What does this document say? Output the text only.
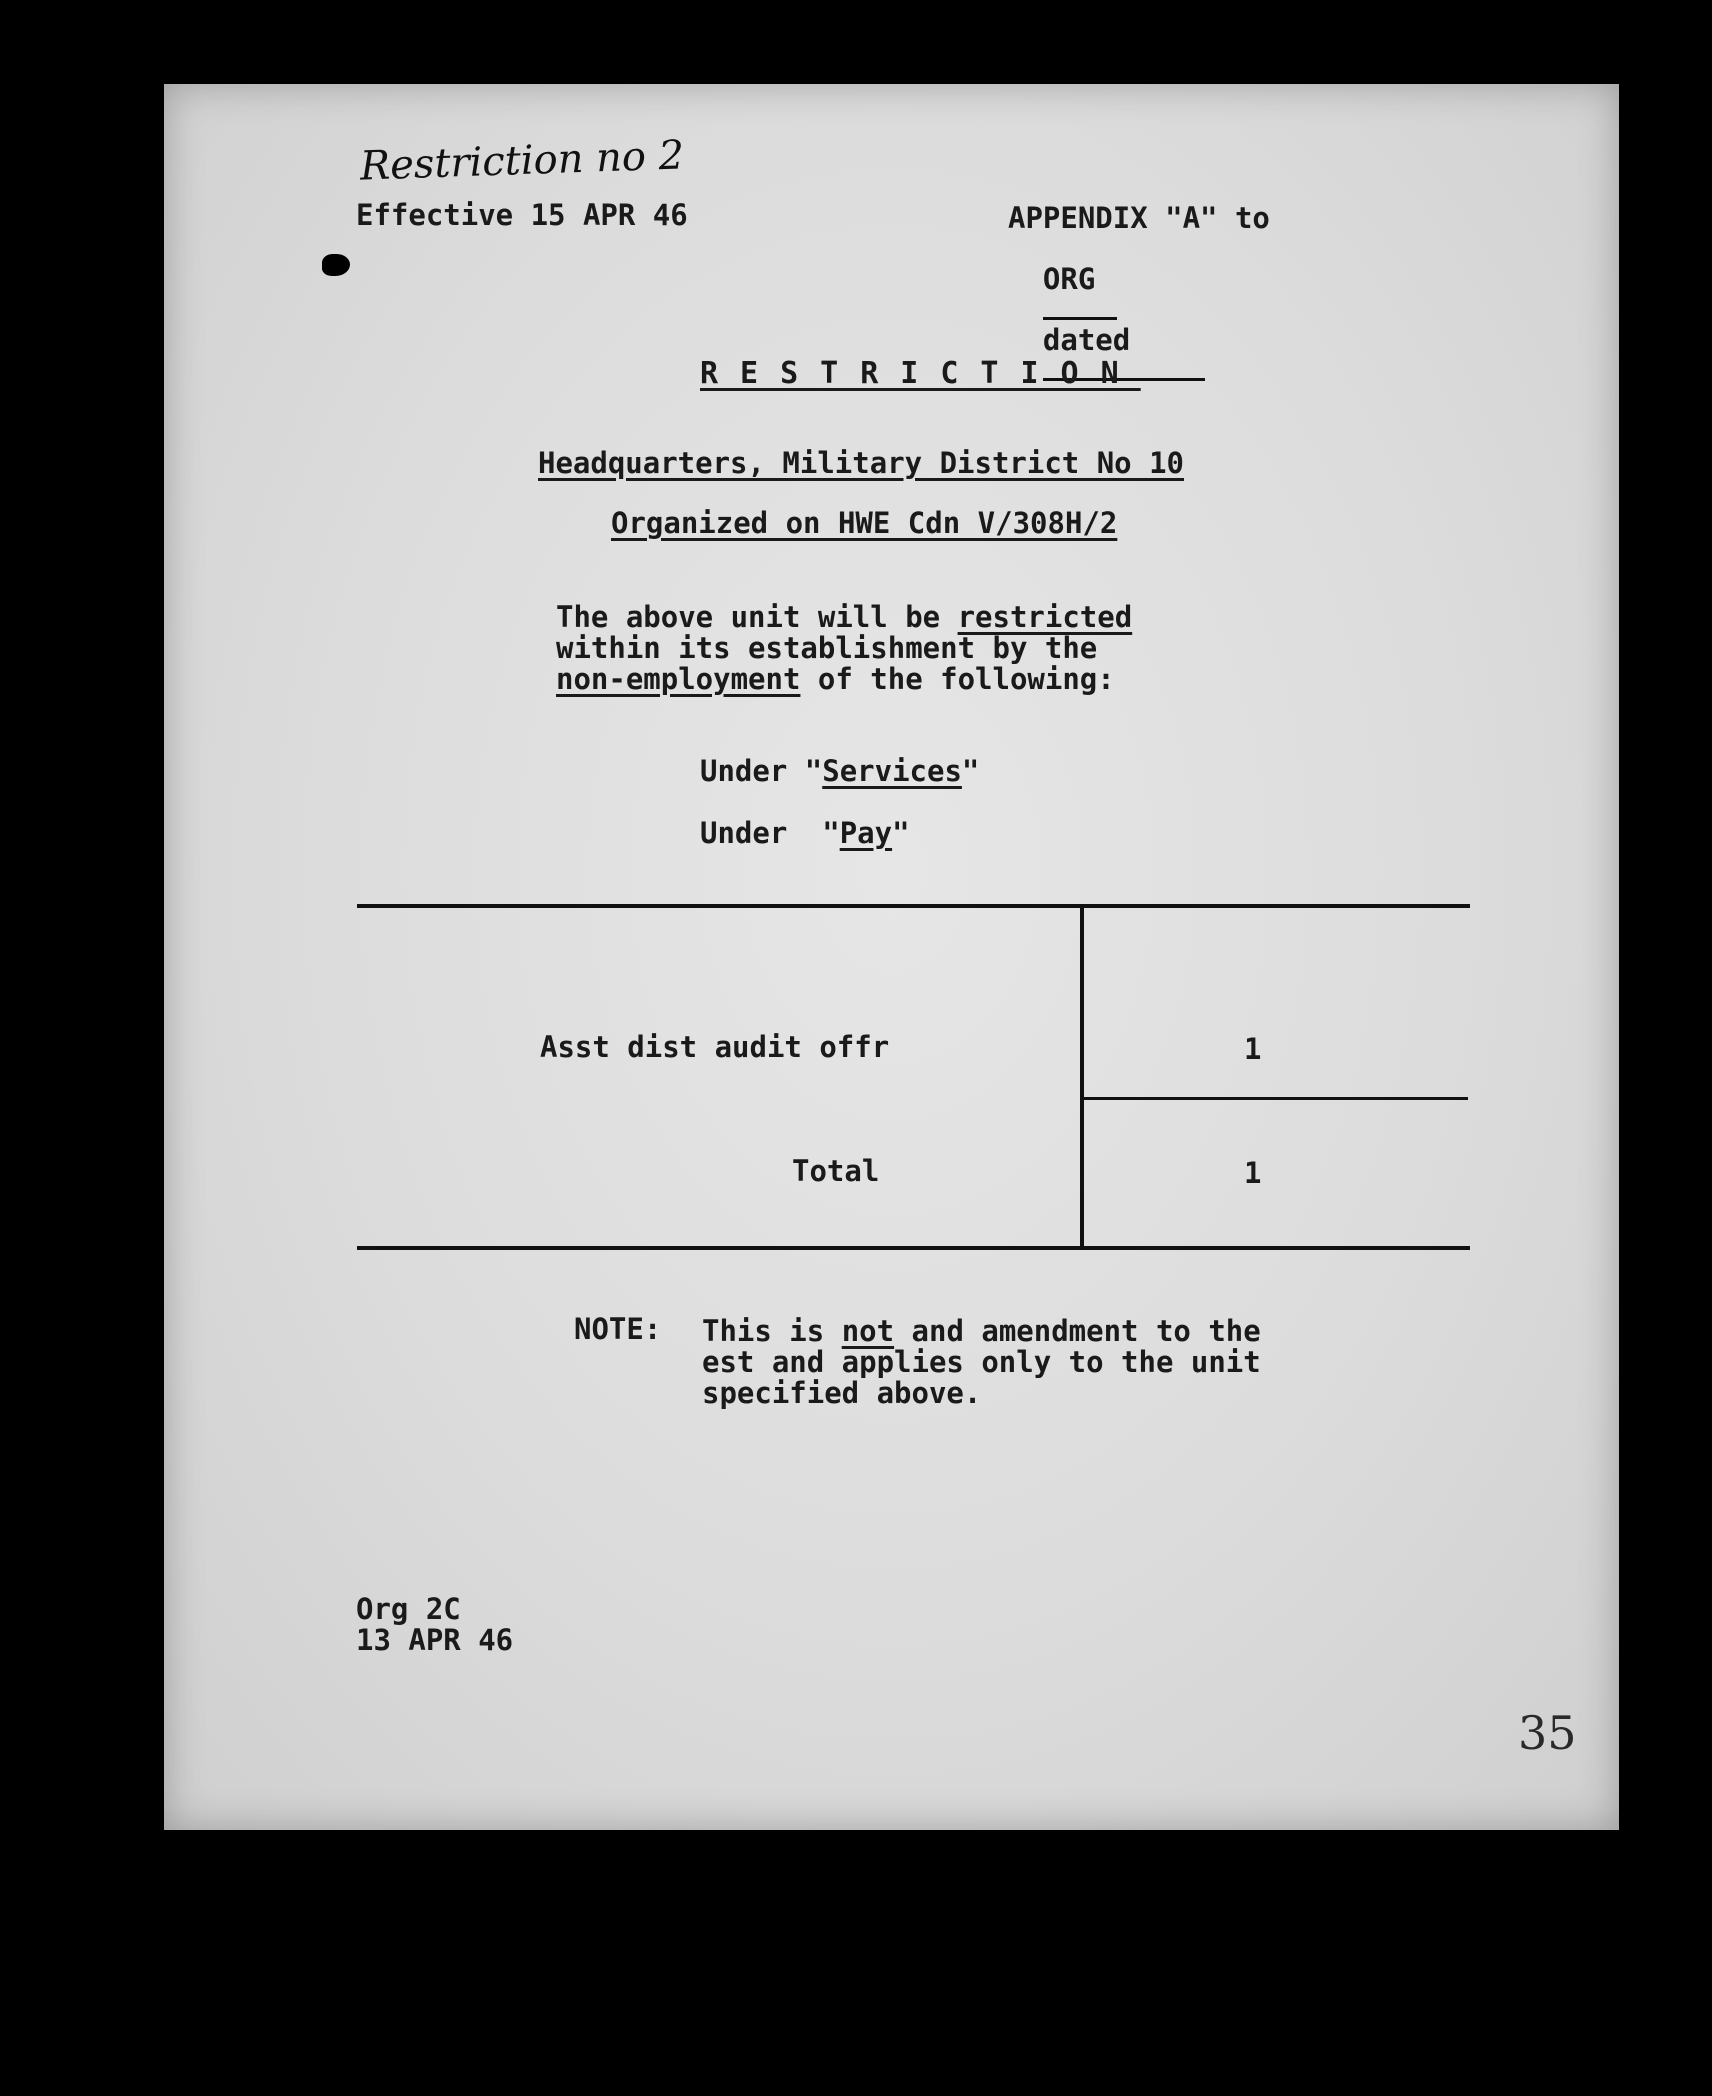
Restriction no 2
35
Effective 15 APR 46	APPENDIX "A" to

ORG

dated

RESTRICTION
Headquarters, Military District No 10
Organized on HWE Cdn V/308H/2
The above unit will be restricted
within its establishment by the
non-employment of the following:
Under "Services"
Under  "Pay"
Asst dist audit offr	1
Total	1
NOTE: This is not and amendment to the
est and applies only to the unit
specified above.
Org 2C
13 APR 46
